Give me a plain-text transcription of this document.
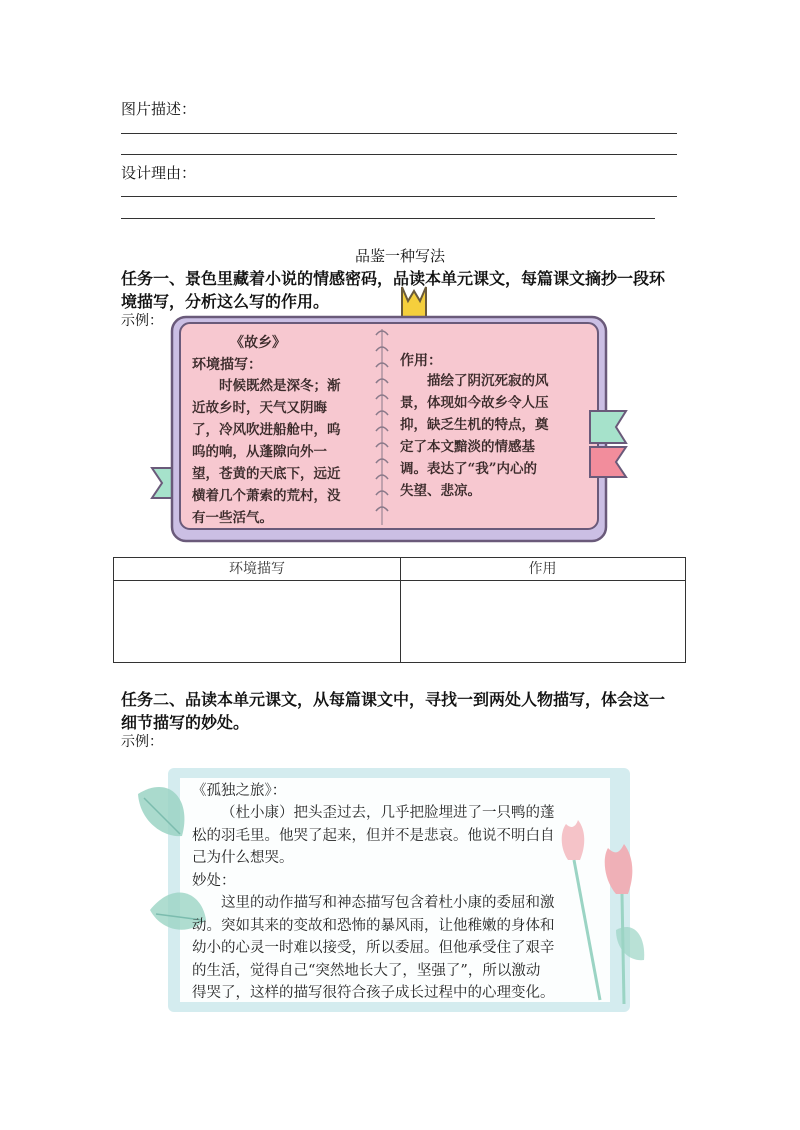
图片描述：
设计理由：
品鉴一种写法
任务一、景色里藏着小说的情感密码，品读本单元课文，每篇课文摘抄一段环
境描写，分析这么写的作用。
示例：
《故乡》
环境描写：
时候既然是深冬；渐
近故乡时，天气又阴晦
了，冷风吹进船舱中，呜
呜的响，从蓬隙向外一
望，苍黄的天底下，远近
横着几个萧索的荒村，没
有一些活气。
作用：
描绘了阴沉死寂的风
景，体现如今故乡令人压
抑，缺乏生机的特点，奠
定了本文黯淡的情感基
调。表达了“我”内心的
失望、悲凉。
环境描写	作用
任务二、品读本单元课文，从每篇课文中，寻找一到两处人物描写，体会这一
细节描写的妙处。
示例：
《孤独之旅》：
（杜小康）把头歪过去，几乎把脸埋进了一只鸭的蓬
松的羽毛里。他哭了起来，但并不是悲哀。他说不明白自
己为什么想哭。
妙处：
这里的动作描写和神态描写包含着杜小康的委屈和激
动。突如其来的变故和恐怖的暴风雨，让他稚嫩的身体和
幼小的心灵一时难以接受，所以委屈。但他承受住了艰辛
的生活，觉得自己“突然地长大了，坚强了”，所以激动
得哭了，这样的描写很符合孩子成长过程中的心理变化。
